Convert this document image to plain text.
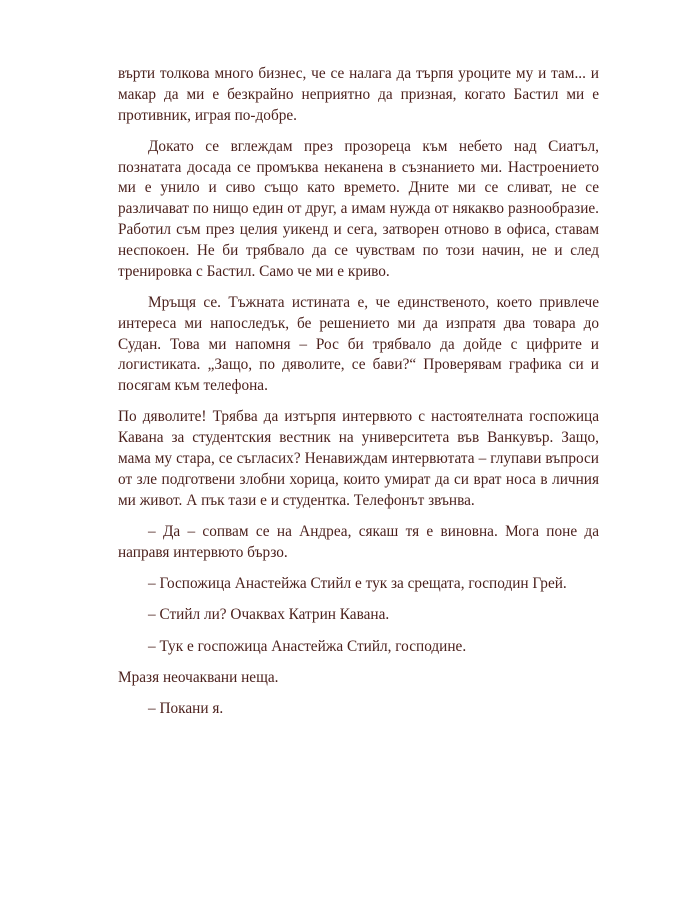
върти толкова много бизнес, че се налага да търпя уроците му и там... и макар да ми е безкрайно неприятно да призная, когато Бастил ми е противник, играя по-добре.

Докато се вглеждам през прозореца към небето над Сиатъл, познатата досада се промъква неканена в съзнанието ми. Настроението ми е унило и сиво също като времето. Дните ми се сливат, не се различават по нищо един от друг, а имам нужда от някакво разнообразие. Работил съм през целия уикенд и сега, затворен отново в офиса, ставам неспокоен. Не би трябвало да се чувствам по този начин, не и след тренировка с Бастил. Само че ми е криво.

Мръщя се. Тъжната истината е, че единственото, което привлече интереса ми напоследък, бе решението ми да изпратя два товара до Судан. Това ми напомня – Рос би трябвало да дойде с цифрите и логистиката. „Защо, по дяволите, се бави?“ Проверявам графика си и посягам към телефона.

По дяволите! Трябва да изтърпя интервюто с настоятелната госпожица Кавана за студентския вестник на университета във Ванкувър. Защо, мама му стара, се съгласих? Ненавиждам интервютата – глупави въпроси от зле подготвени злобни хорица, които умират да си врат носа в личния ми живот. А пък тази е и студентка. Телефонът звънва.

– Да – сопвам се на Андреа, сякаш тя е виновна. Мога поне да направя интервюто бързо.

– Госпожица Анастейжа Стийл е тук за срещата, господин Грей.

– Стийл ли? Очаквах Катрин Кавана.

– Тук е госпожица Анастейжа Стийл, господине.

Мразя неочаквани неща.

– Покани я.
